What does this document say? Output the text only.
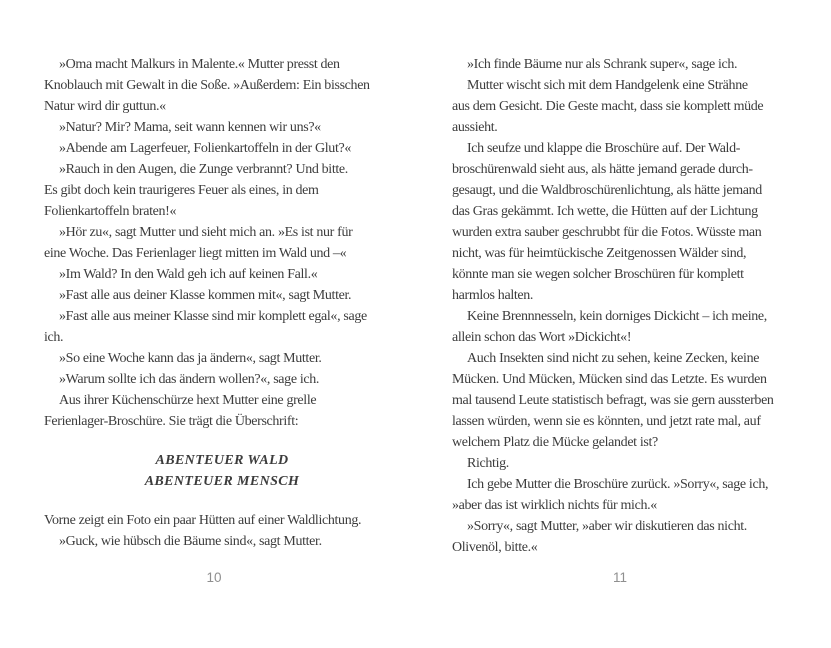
»Oma macht Malkurs in Malente.« Mutter presst den
Knoblauch mit Gewalt in die Soße. »Außerdem: Ein bisschen
Natur wird dir guttun.«
»Natur? Mir? Mama, seit wann kennen wir uns?«
»Abende am Lagerfeuer, Folienkartoffeln in der Glut?«
»Rauch in den Augen, die Zunge verbrannt? Und bitte.
Es gibt doch kein traurigeres Feuer als eines, in dem
Folienkartoffeln braten!«
»Hör zu«, sagt Mutter und sieht mich an. »Es ist nur für
eine Woche. Das Ferienlager liegt mitten im Wald und –«
»Im Wald? In den Wald geh ich auf keinen Fall.«
»Fast alle aus deiner Klasse kommen mit«, sagt Mutter.
»Fast alle aus meiner Klasse sind mir komplett egal«, sage
ich.
»So eine Woche kann das ja ändern«, sagt Mutter.
»Warum sollte ich das ändern wollen?«, sage ich.
Aus ihrer Küchenschürze hext Mutter eine grelle
Ferienlager-Broschüre. Sie trägt die Überschrift:
ABENTEUER WALD
ABENTEUER MENSCH
Vorne zeigt ein Foto ein paar Hütten auf einer Waldlichtung.
»Guck, wie hübsch die Bäume sind«, sagt Mutter.
»Ich finde Bäume nur als Schrank super«, sage ich.
Mutter wischt sich mit dem Handgelenk eine Strähne
aus dem Gesicht. Die Geste macht, dass sie komplett müde
aussieht.
Ich seufze und klappe die Broschüre auf. Der Wald-
broschürenwald sieht aus, als hätte jemand gerade durch-
gesaugt, und die Waldbroschürenlichtung, als hätte jemand
das Gras gekämmt. Ich wette, die Hütten auf der Lichtung
wurden extra sauber geschrubbt für die Fotos. Wüsste man
nicht, was für heimtückische Zeitgenossen Wälder sind,
könnte man sie wegen solcher Broschüren für komplett
harmlos halten.
Keine Brennnesseln, kein dorniges Dickicht – ich meine,
allein schon das Wort »Dickicht«!
Auch Insekten sind nicht zu sehen, keine Zecken, keine
Mücken. Und Mücken, Mücken sind das Letzte. Es wurden
mal tausend Leute statistisch befragt, was sie gern aussterben
lassen würden, wenn sie es könnten, und jetzt rate mal, auf
welchem Platz die Mücke gelandet ist?
Richtig.
Ich gebe Mutter die Broschüre zurück. »Sorry«, sage ich,
»aber das ist wirklich nichts für mich.«
»Sorry«, sagt Mutter, »aber wir diskutieren das nicht.
Olivenöl, bitte.«
10	11
